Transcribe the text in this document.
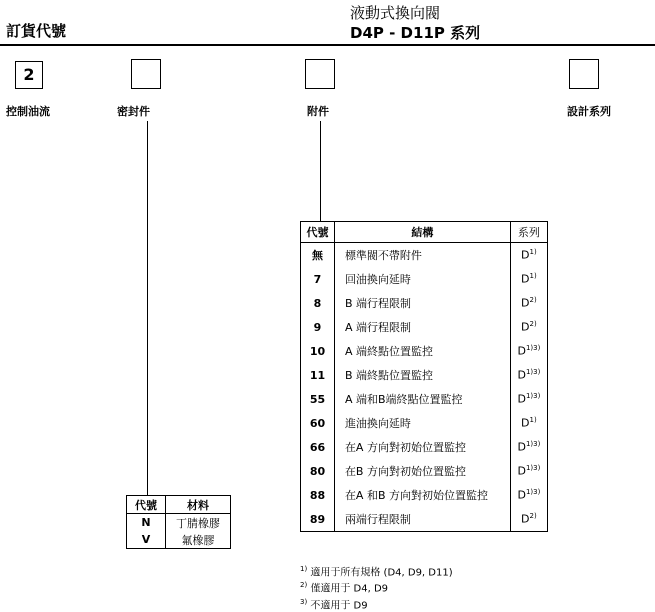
訂貨代號
液動式換向閥
D4P - D11P 系列
2
控制油流	密封件	附件	設計系列
代號	結構	系列
無	標準閥不帶附件	$D^{1)}$
7	回油換向延時	$D^{1)}$
8	B 端行程限制	$D^{2)}$
9	A 端行程限制	$D^{2)}$
10	A 端終點位置監控	$D^{1)3)}$
11	B 端終點位置監控	$D^{1)3)}$
55	A 端和B端終點位置監控	$D^{1)3)}$
60	進油換向延時	$D^{1)}$
66	在A 方向對初始位置監控	$D^{1)3)}$
80	在B 方向對初始位置監控	$D^{1)3)}$
88	在A 和B 方向對初始位置監控	$D^{1)3)}$
89	兩端行程限制	$D^{2)}$
代號	材料
N	丁腈橡膠
V	氟橡膠
$^{1)}$ 適用于所有規格 (D4, D9, D11)
$^{2)}$ 僅適用于 D4, D9
$^{3)}$ 不適用于 D9
